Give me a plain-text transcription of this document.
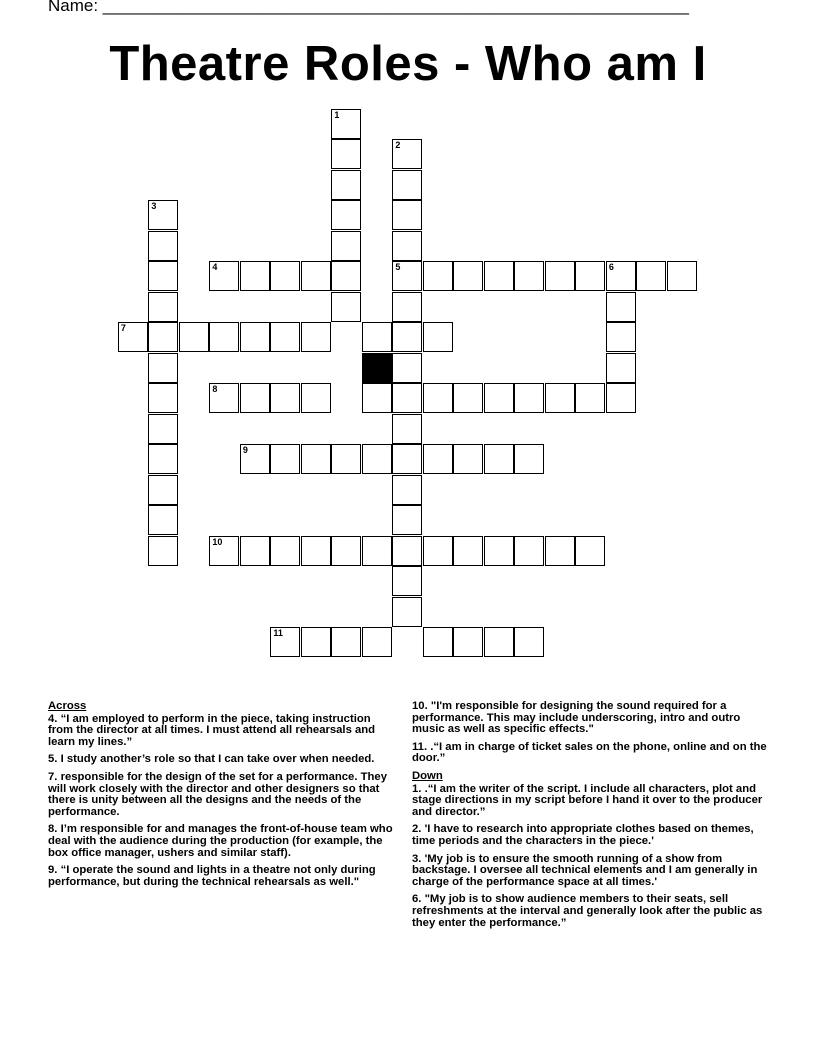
Name: ______________________________________________________________
Theatre Roles - Who am I
1
2
5
3
6
4
7
8
9
10
11
Across
4. “I am employed to perform in the piece, taking instruction from the director at all times. I must attend all rehearsals and learn my lines.”
5. I study another’s role so that I can take over when needed.
7. responsible for the design of the set for a performance. They will work closely with the director and other designers so that there is unity between all the designs and the needs of the performance.
8. I’m responsible for and manages the front-of-house team who deal with the audience during the production (for example, the box office manager, ushers and similar staff).
9. “I operate the sound and lights in a theatre not only during performance, but during the technical rehearsals as well."
10. "I'm responsible for designing the sound required for a performance. This may include underscoring, intro and outro music as well as specific effects."
11. .“I am in charge of ticket sales on the phone, online and on the door.”
Down
1. .“I am the writer of the script. I include all characters, plot and stage directions in my script before I hand it over to the producer and director.”
2. 'I have to research into appropriate clothes based on themes, time periods and the characters in the piece.'
3. 'My job is to ensure the smooth running of a show from backstage. I oversee all technical elements and I am generally in charge of the performance space at all times.'
6. "My job is to show audience members to their seats, sell refreshments at the interval and generally look after the public as they enter the performance.”
